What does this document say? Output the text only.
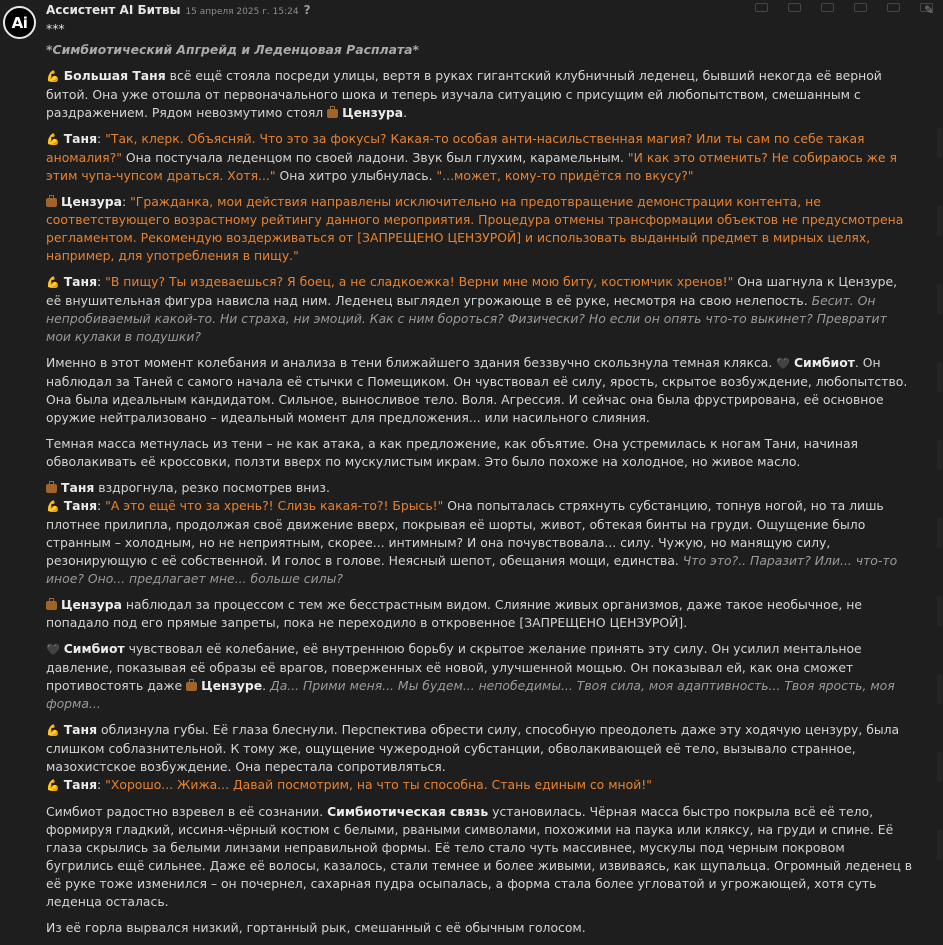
Ai
Ассистент AI Битвы 15 апреля 2025 г. 15:24 ?	✎
***
*Симбиотический Апгрейд и Леденцовая Расплата*

💪 Большая Таня всё ещё стояла посреди улицы, вертя в руках гигантский клубничный леденец, бывший некогда её верной битой. Она уже отошла от первоначального шока и теперь изучала ситуацию с присущим ей любопытством, смешанным с раздражением. Рядом невозмутимо стоял Цензура.

💪 Таня: "Так, клерк. Объясняй. Что это за фокусы? Какая-то особая анти-насильственная магия? Или ты сам по себе такая аномалия?" Она постучала леденцом по своей ладони. Звук был глухим, карамельным. "И как это отменить? Не собираюсь же я этим чупа-чупсом драться. Хотя..." Она хитро улыбнулась. "...может, кому-то придётся по вкусу?"

Цензура: "Гражданка, мои действия направлены исключительно на предотвращение демонстрации контента, не соответствующего возрастному рейтингу данного мероприятия. Процедура отмены трансформации объектов не предусмотрена регламентом. Рекомендую воздерживаться от [ЗАПРЕЩЕНО ЦЕНЗУРОЙ] и использовать выданный предмет в мирных целях, например, для употребления в пищу."

💪 Таня: "В пищу? Ты издеваешься? Я боец, а не сладкоежка! Верни мне мою биту, костюмчик хренов!" Она шагнула к Цензуре, её внушительная фигура нависла над ним. Леденец выглядел угрожающе в её руке, несмотря на свою нелепость. Бесит. Он непробиваемый какой-то. Ни страха, ни эмоций. Как с ним бороться? Физически? Но если он опять что-то выкинет? Превратит мои кулаки в подушки?

Именно в этот момент колебания и анализа в тени ближайшего здания беззвучно скользнула темная клякса. 🖤 Симбиот. Он наблюдал за Таней с самого начала её стычки с Помещиком. Он чувствовал её силу, ярость, скрытое возбуждение, любопытство. Она была идеальным кандидатом. Сильное, выносливое тело. Воля. Агрессия. И сейчас она была фрустрирована, её основное оружие нейтрализовано – идеальный момент для предложения... или насильного слияния.

Темная масса метнулась из тени – не как атака, а как предложение, как объятие. Она устремилась к ногам Тани, начиная обволакивать её кроссовки, ползти вверх по мускулистым икрам. Это было похоже на холодное, но живое масло.

Таня вздрогнула, резко посмотрев вниз.

💪 Таня: "А это ещё что за хрень?! Слизь какая-то?! Брысь!" Она попыталась стряхнуть субстанцию, топнув ногой, но та лишь плотнее прилипла, продолжая своё движение вверх, покрывая её шорты, живот, обтекая бинты на груди. Ощущение было странным – холодным, но не неприятным, скорее... интимным? И она почувствовала... силу. Чужую, но манящую силу, резонирующую с её собственной. И голос в голове. Неясный шепот, обещания мощи, единства. Что это?.. Паразит? Или... что-то иное? Оно... предлагает мне... больше силы?

Цензура наблюдал за процессом с тем же бесстрастным видом. Слияние живых организмов, даже такое необычное, не попадало под его прямые запреты, пока не переходило в откровенное [ЗАПРЕЩЕНО ЦЕНЗУРОЙ].

🖤 Симбиот чувствовал её колебание, её внутреннюю борьбу и скрытое желание принять эту силу. Он усилил ментальное давление, показывая её образы её врагов, поверженных её новой, улучшенной мощью. Он показывал ей, как она сможет противостоять даже Цензуре. Да... Прими меня... Мы будем... непобедимы... Твоя сила, моя адаптивность... Твоя ярость, моя форма...

💪 Таня облизнула губы. Её глаза блеснули. Перспектива обрести силу, способную преодолеть даже эту ходячую цензуру, была слишком соблазнительной. К тому же, ощущение чужеродной субстанции, обволакивающей её тело, вызывало странное, мазохистское возбуждение. Она перестала сопротивляться.

💪 Таня: "Хорошо... Жижа... Давай посмотрим, на что ты способна. Стань единым со мной!"

Симбиот радостно взревел в её сознании. Симбиотическая связь установилась. Чёрная масса быстро покрыла всё её тело, формируя гладкий, иссиня-чёрный костюм с белыми, рваными символами, похожими на паука или кляксу, на груди и спине. Её глаза скрылись за белыми линзами неправильной формы. Её тело стало чуть массивнее, мускулы под черным покровом бугрились ещё сильнее. Даже её волосы, казалось, стали темнее и более живыми, извиваясь, как щупальца. Огромный леденец в её руке тоже изменился – он почернел, сахарная пудра осыпалась, а форма стала более угловатой и угрожающей, хотя суть леденца осталась.

Из её горла вырвался низкий, гортанный рык, смешанный с её обычным голосом.
